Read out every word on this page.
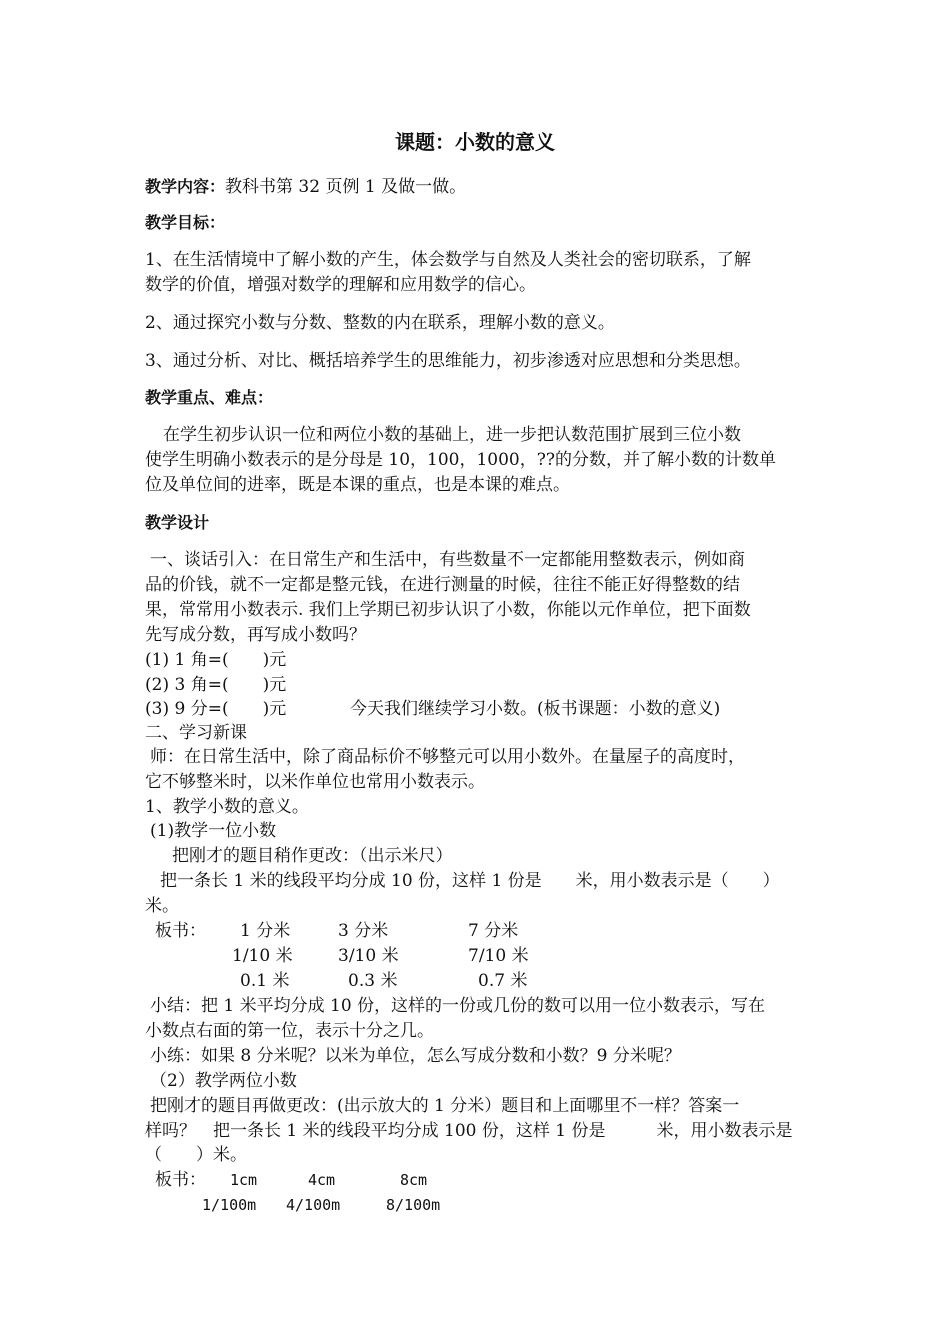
课题：小数的意义
教学内容：教科书第 32 页例 1 及做一做。
教学目标：
1、在生活情境中了解小数的产生，体会数学与自然及人类社会的密切联系，了解
数学的价值，增强对数学的理解和应用数学的信心。
2、通过探究小数与分数、整数的内在联系，理解小数的意义。
3、通过分析、对比、概括培养学生的思维能力，初步渗透对应思想和分类思想。
教学重点、难点：
在学生初步认识一位和两位小数的基础上，进一步把认数范围扩展到三位小数
使学生明确小数表示的是分母是 10，100，1000，??的分数，并了解小数的计数单
位及单位间的进率，既是本课的重点，也是本课的难点。
教学设计
一、谈话引入：在日常生产和生活中，有些数量不一定都能用整数表示，例如商
品的价钱，就不一定都是整元钱，在进行测量的时候，往往不能正好得整数的结
果，常常用小数表示. 我们上学期已初步认识了小数，你能以元作单位，把下面数
先写成分数，再写成小数吗？
(1) 1 角=(　　)元
(2) 3 角=(　　)元
(3) 9 分=(　　)元	今天我们继续学习小数。(板书课题：小数的意义)
二、学习新课
师：在日常生活中，除了商品标价不够整元可以用小数外。在量屋子的高度时，
它不够整米时，以米作单位也常用小数表示。
1、教学小数的意义。
(1)教学一位小数
把刚才的题目稍作更改：（出示米尺）
把一条长 1 米的线段平均分成 10 份，这样 1 份是　　米，用小数表示是（　　）
米。
板书： 1 分米	3 分米	7 分米
1/10 米	3/10 米	7/10 米
0.1 米	0.3 米	0.7 米
小结：把 1 米平均分成 10 份，这样的一份或几份的数可以用一位小数表示，写在
小数点右面的第一位，表示十分之几。
小练：如果 8 分米呢？以米为单位，怎么写成分数和小数？9 分米呢？
（2）教学两位小数
把刚才的题目再做更改：(出示放大的 1 分米）题目和上面哪里不一样？答案一
样吗？　把一条长 1 米的线段平均分成 100 份，这样 1 份是　　　米，用小数表示是
（　　）米。
板书： 1cm	4cm	8cm
1/100m 4/100m	8/100m
